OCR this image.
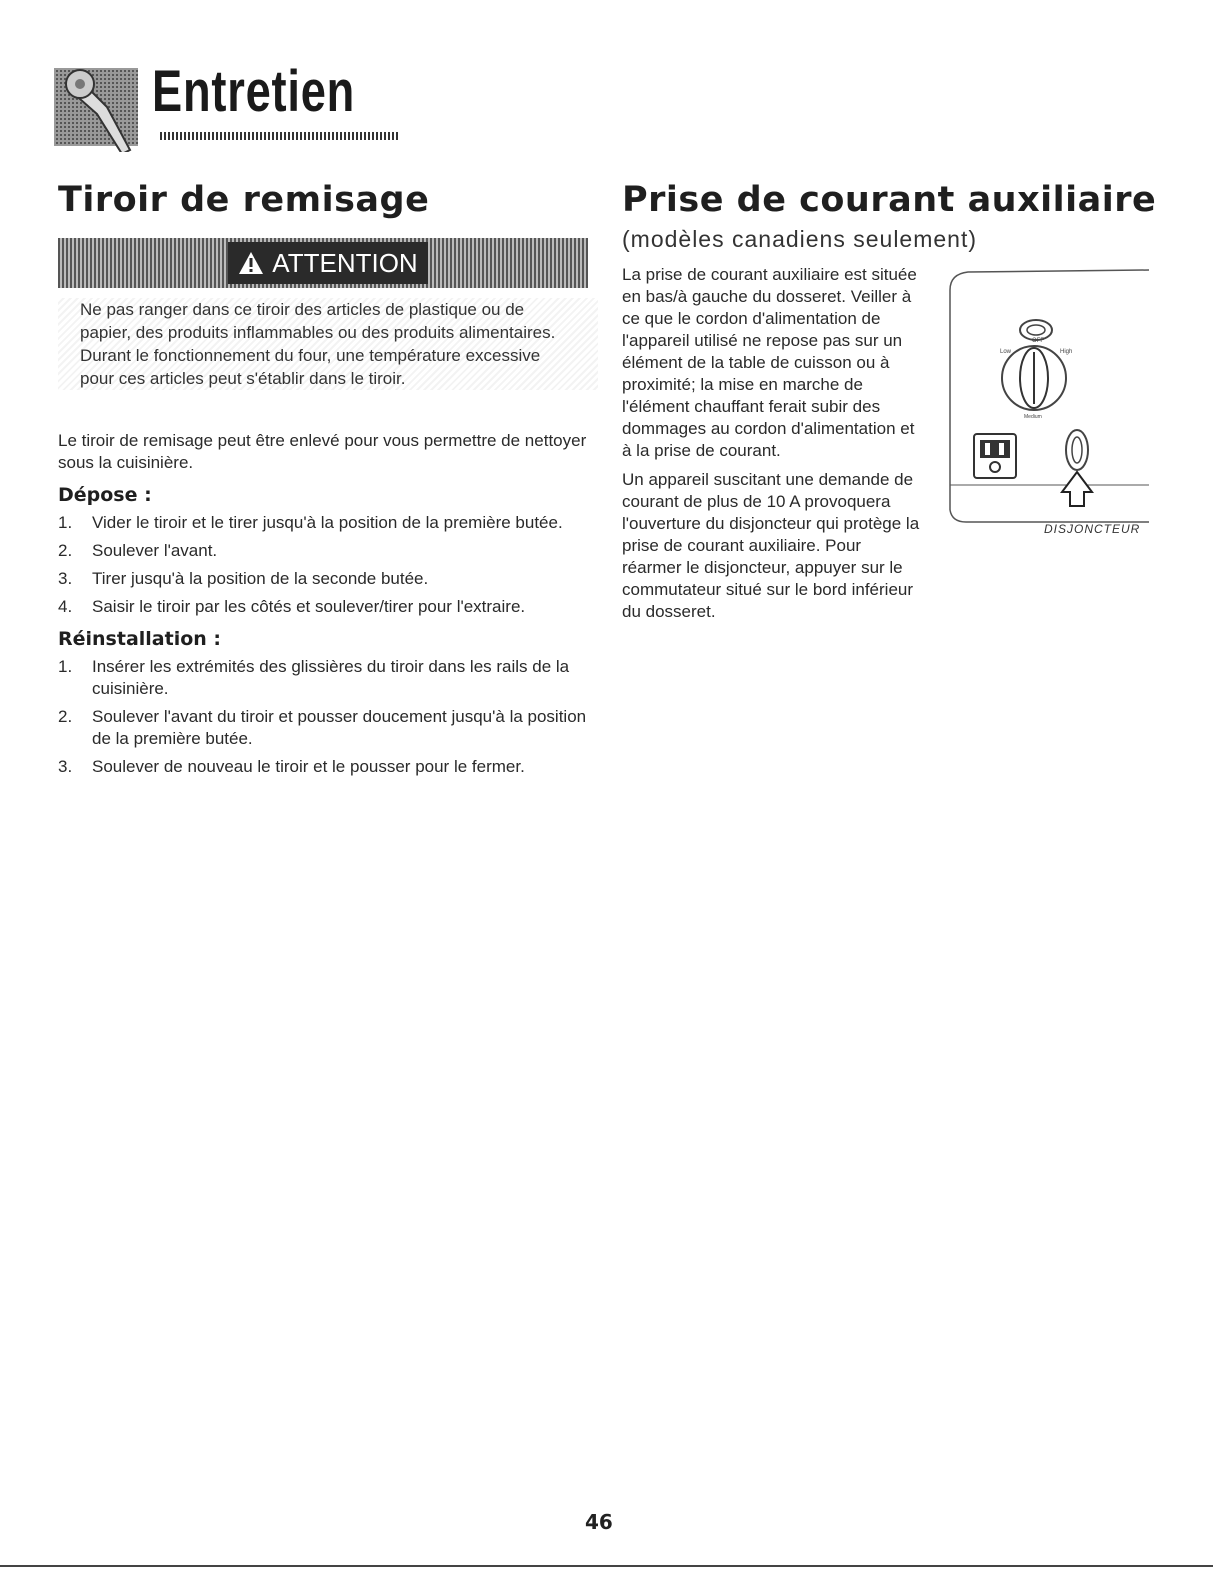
Entretien
Tiroir de remisage
ATTENTION
Ne pas ranger dans ce tiroir des articles de plastique ou de papier, des produits inflammables ou des produits alimentaires. Durant le fonctionnement du four, une température excessive pour ces articles peut s'établir dans le tiroir.
Le tiroir de remisage peut être enlevé pour vous permettre de nettoyer sous la cuisinière.
Dépose :
1. Vider le tiroir et le tirer jusqu'à la position de la première butée.
2. Soulever l'avant.
3. Tirer jusqu'à la position de la seconde butée.
4. Saisir le tiroir par les côtés et soulever/tirer pour l'extraire.
Réinstallation :
1. Insérer les extrémités des glissières du tiroir dans les rails de la cuisinière.
2. Soulever l'avant du tiroir et pousser doucement jusqu'à la position de la première butée.
3. Soulever de nouveau le tiroir et le pousser pour le fermer.
Prise de courant auxiliaire
(modèles canadiens seulement)
La prise de courant auxiliaire est située en bas/à gauche du dosseret. Veiller à ce que le cordon d'alimentation de l'appareil utilisé ne repose pas sur un élément de la table de cuisson ou à proximité; la mise en marche de l'élément chauffant ferait subir des dommages au cordon d'alimentation et à la prise de courant.
Un appareil suscitant une demande de courant de plus de 10 A provoquera l'ouverture du disjoncteur qui protège la prise de courant auxiliaire. Pour réarmer le disjoncteur, appuyer sur le commutateur situé sur le bord inférieur du dosseret.
OFF
Low	High
Medium
DISJONCTEUR
46
